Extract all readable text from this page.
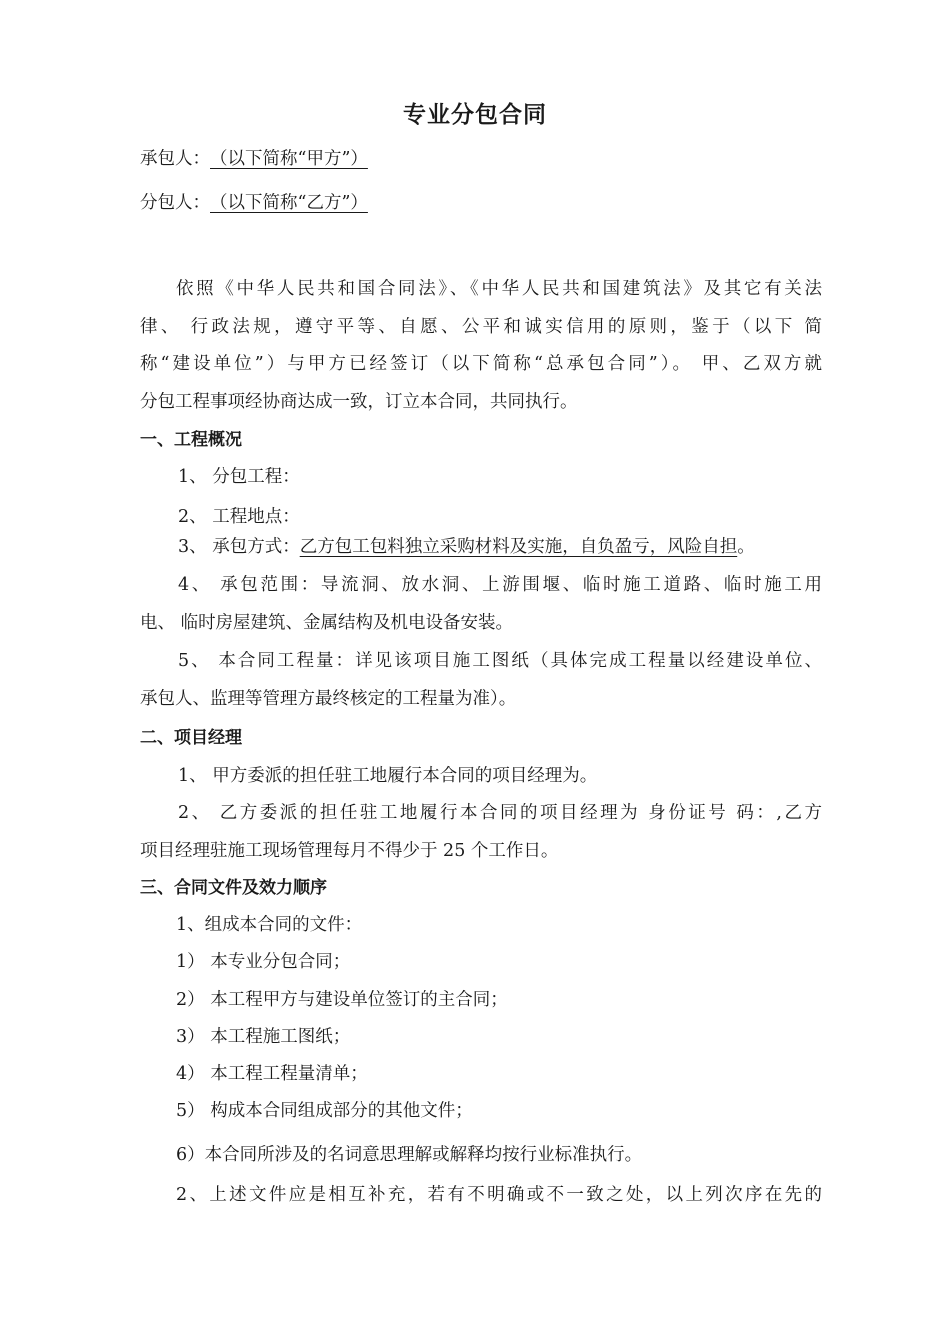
专业分包合同
承包人：（以下简称“甲方”）
分包人：（以下简称“乙方”）
依照《中华人民共和国合同法》、《中华人民共和国建筑法》及其它有关法
律、 行政法规，遵守平等、自愿、公平和诚实信用的原则，鉴于（以下 简
称“建设单位”）与甲方已经签订（以下简称“总承包合同”）。 甲、乙双方就
分包工程事项经协商达成一致，订立本合同，共同执行。
一、工程概况
1、 分包工程：
2、 工程地点：
3、 承包方式：乙方包工包料独立采购材料及实施，自负盈亏，风险自担。
4、 承包范围：导流洞、放水洞、上游围堰、临时施工道路、临时施工用
电、 临时房屋建筑、金属结构及机电设备安装。
5、 本合同工程量：详见该项目施工图纸（具体完成工程量以经建设单位、
承包人、监理等管理方最终核定的工程量为准）。
二、项目经理
1、 甲方委派的担任驻工地履行本合同的项目经理为。
2、 乙方委派的担任驻工地履行本合同的项目经理为 身份证号 码：,乙方
项目经理驻施工现场管理每月不得少于 25 个工作日。
三、合同文件及效力顺序
1、组成本合同的文件：
1） 本专业分包合同；
2） 本工程甲方与建设单位签订的主合同；
3） 本工程施工图纸；
4） 本工程工程量清单；
5） 构成本合同组成部分的其他文件；
6）本合同所涉及的名词意思理解或解释均按行业标准执行。
2、上述文件应是相互补充，若有不明确或不一致之处，以上列次序在先的
